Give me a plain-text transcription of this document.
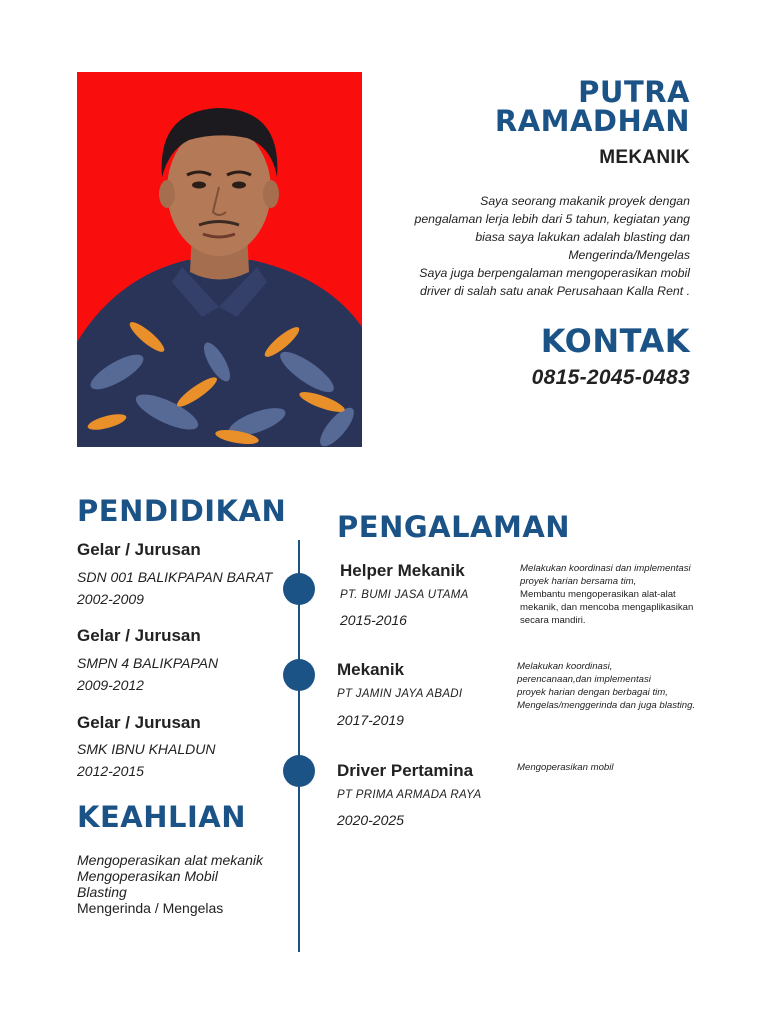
PUTRA
RAMADHAN
MEKANIK
Saya seorang makanik proyek dengan
pengalaman lerja lebih dari 5 tahun, kegiatan yang
biasa saya lakukan adalah blasting dan
Mengerinda/Mengelas
Saya juga berpengalaman mengoperasikan mobil
driver di salah satu anak Perusahaan Kalla Rent .
KONTAK
0815-2045-0483
PENDIDIKAN
Gelar / Jurusan
SDN 001 BALIKPAPAN BARAT
2002-2009
Gelar / Jurusan
SMPN 4 BALIKPAPAN
2009-2012
Gelar / Jurusan
SMK IBNU KHALDUN
2012-2015
KEAHLIAN
Mengoperasikan alat mekanik
Mengoperasikan Mobil
Blasting
Mengerinda / Mengelas
PENGALAMAN
Helper Mekanik
PT. BUMI JASA UTAMA
2015-2016
Melakukan koordinasi dan implementasi
proyek harian bersama tim,
Membantu mengoperasikan alat-alat
mekanik, dan mencoba mengaplikasikan
secara mandiri.
Mekanik
PT JAMIN JAYA ABADI
2017-2019
Melakukan koordinasi,
perencanaan,dan implementasi
proyek harian dengan berbagai tim,
Mengelas/menggerinda dan juga blasting.
Driver Pertamina
PT PRIMA ARMADA RAYA
2020-2025
Mengoperasikan mobil
